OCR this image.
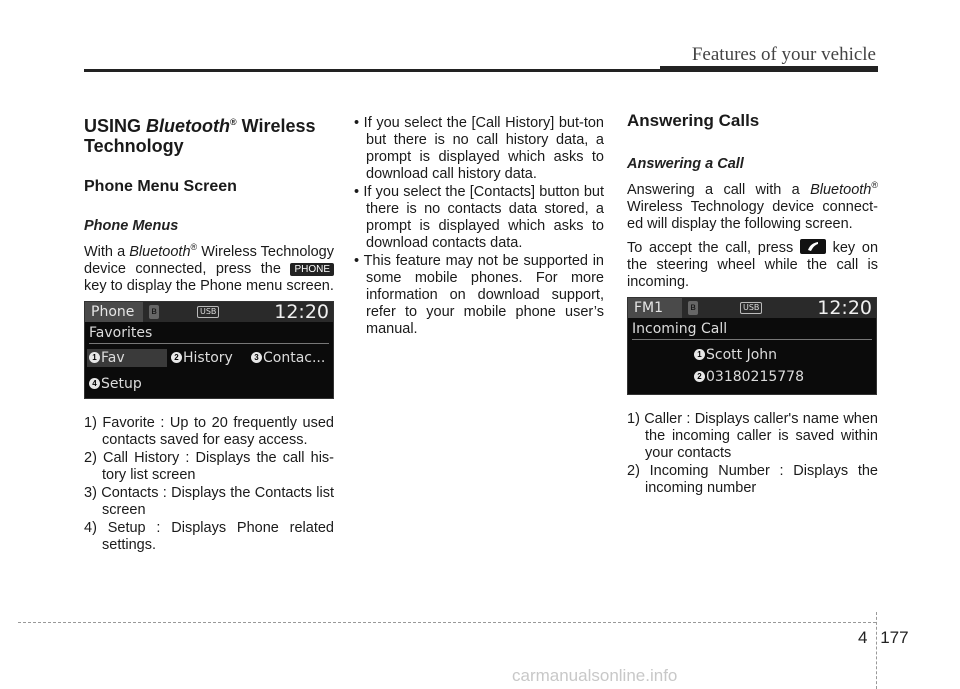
Features of your vehicle
USING Bluetooth® Wireless Technology
Phone Menu Screen
Phone Menus

With a Bluetooth® Wireless Technology device connected, press the PHONE key to display the Phone menu screen.

Phone	ʙ	USB	12:20
Favorites
1 Fav	2 History	3 Contac...
4 Setup
1) Favorite : Up to 20 frequently used contacts saved for easy access.
2) Call History : Displays the call his-tory list screen
3) Contacts : Displays the Contacts list screen
4) Setup : Displays Phone related settings.
• If you select the [Call History] but-ton but there is no call history data, a prompt is displayed which asks to download call history data.
• If you select the [Contacts] button but there is no contacts data stored, a prompt is displayed which asks to download contacts data.
• This feature may not be supported in some mobile phones. For more information on download support, refer to your mobile phone user’s manual.
Answering Calls
Answering a Call

Answering a call with a Bluetooth® Wireless Technology device connect-ed will display the following screen.

To accept the call, press
key on the steering wheel while the call is incoming.

FM1	ʙ	USB	12:20
Incoming Call
1 Scott John
2 03180215778
1) Caller : Displays caller's name when the incoming caller is saved within your contacts
2) Incoming Number : Displays the incoming number
4 177
carmanualsonline.info
